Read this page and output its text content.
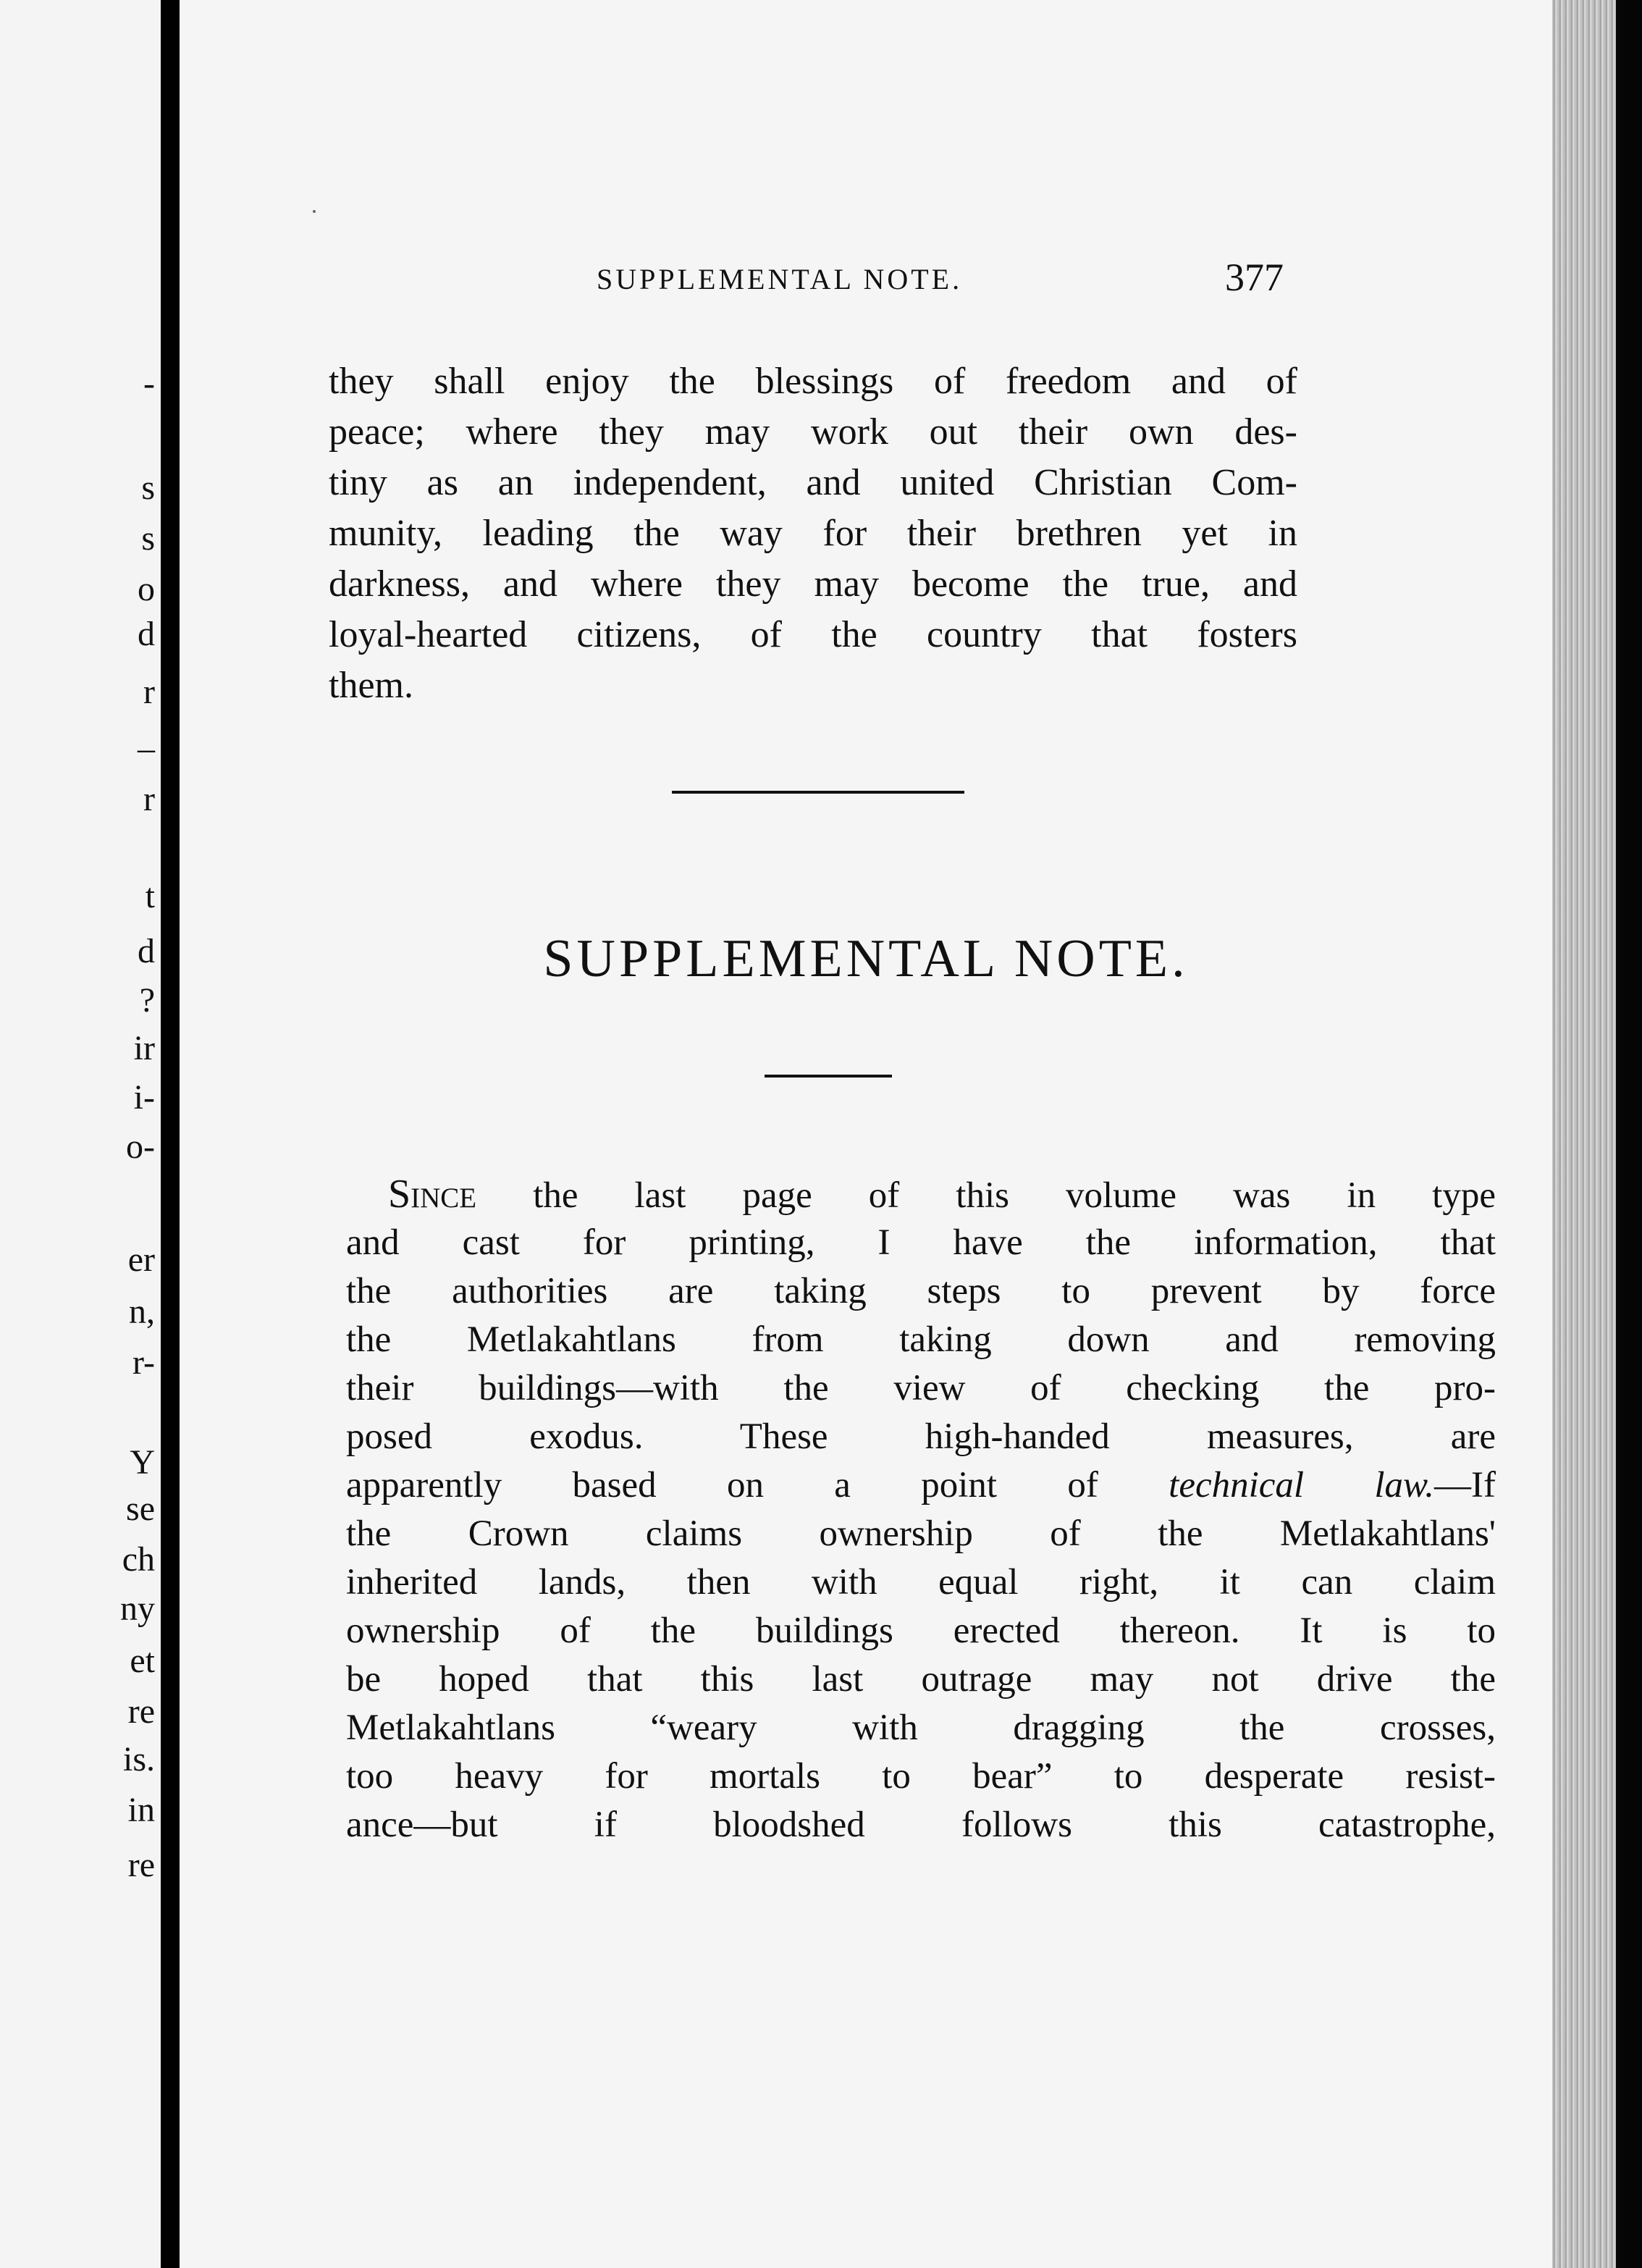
-
s
s
o
d
r
–
r
t
d
?
ir
i-
o-
er
n,
r-
Y
se
ch
ny
et
re
is.
in
re
SUPPLEMENTAL NOTE.	377
they shall enjoy the blessings of freedom and of
peace; where they may work out their own des-
tiny as an independent, and united Christian Com-
munity, leading the way for their brethren yet in
darkness, and where they may become the true, and
loyal-hearted citizens, of the country that fosters
them.
SUPPLEMENTAL NOTE.
Since the last page of this volume was in type
and cast for printing, I have the information, that
the authorities are taking steps to prevent by force
the Metlakahtlans from taking down and removing
their buildings—with the view of checking the pro-
posed exodus. These high-handed measures, are
apparently based on a point of technical law.—If
the Crown claims ownership of the Metlakahtlans'
inherited lands, then with equal right, it can claim
ownership of the buildings erected thereon. It is to
be hoped that this last outrage may not drive the
Metlakahtlans “weary with dragging the crosses,
too heavy for mortals to bear” to desperate resist-
ance—but if bloodshed follows this catastrophe,
